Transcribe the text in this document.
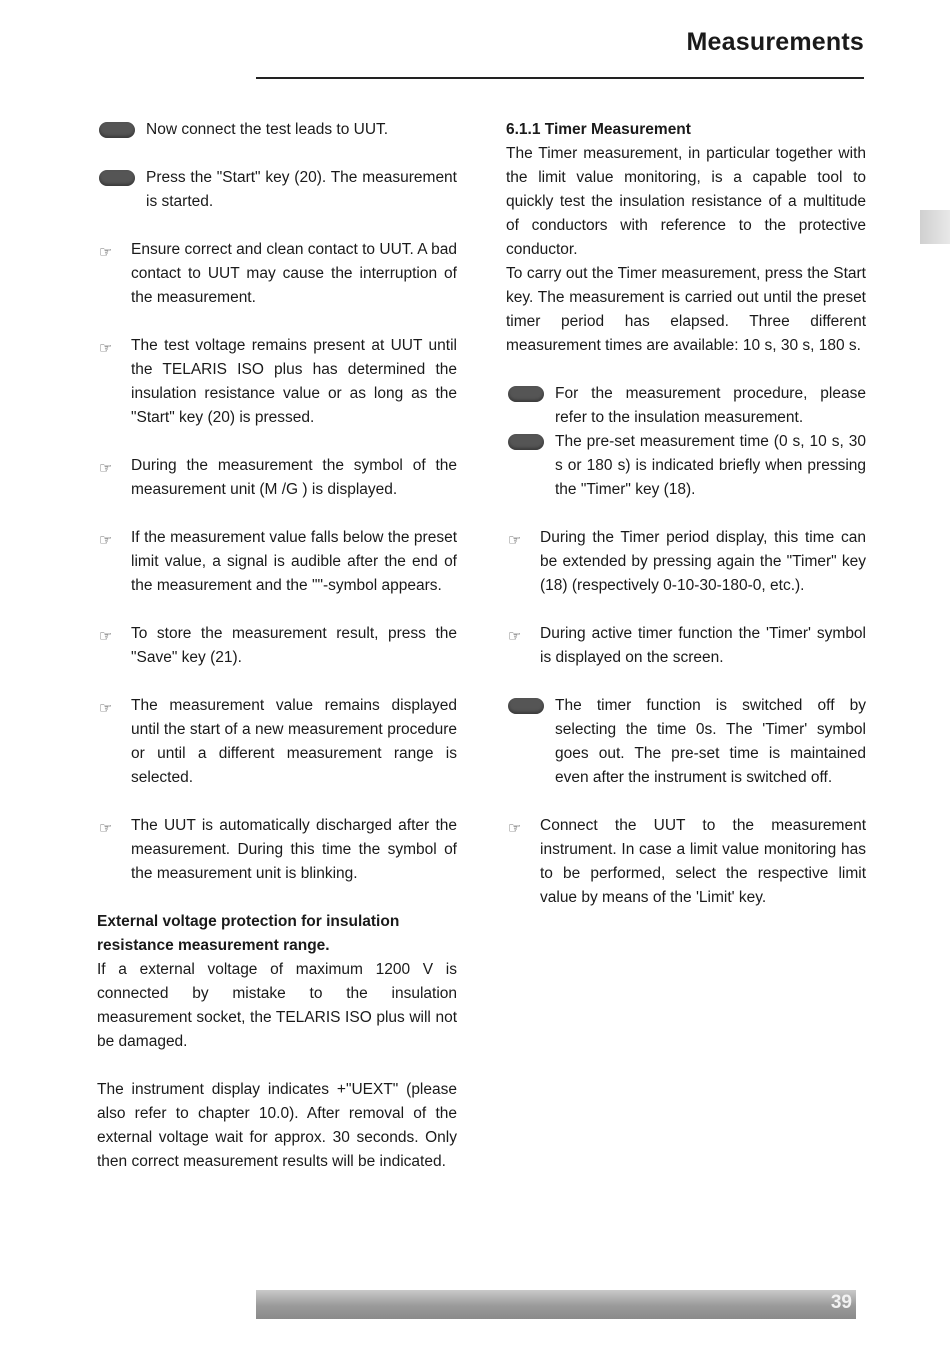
Measurements
Now connect the test leads to UUT.
Press the "Start" key (20). The measurement is started.
☞ Ensure correct and clean contact to UUT. A bad contact to UUT may cause the interruption of the measurement.
☞ The test voltage remains present at UUT until the TELARIS ISO plus has determined the insulation resistance value or as long as the "Start" key (20) is pressed.
☞ During the measurement the symbol of the measurement unit (M /G ) is displayed.
☞ If the measurement value falls below the preset limit value, a signal is audible after the end of the measurement and the ""-symbol appears.
☞ To store the measurement result, press the "Save" key (21).
☞ The measurement value remains displayed until the start of a new measurement procedure or until a different measurement range is selected.
☞ The UUT is automatically discharged after the measurement. During this time the symbol of the measurement unit is blinking.
External voltage protection for insulation resistance measurement range.

If a external voltage of maximum 1200 V is connected by mistake to the insulation measurement socket, the TELARIS ISO plus will not be damaged.

The instrument display indicates +"UEXT" (please also refer to chapter 10.0). After removal of the external voltage wait for approx. 30 seconds. Only then correct measurement results will be indicated.

6.1.1 Timer Measurement

The Timer measurement, in particular together with the limit value monitoring, is a capable tool to quickly test the insulation resistance of a multitude of conductors with reference to the protective conductor.

To carry out the Timer measurement, press the Start key. The measurement is carried out until the preset timer period has elapsed. Three different measurement times are available: 10 s, 30 s, 180 s.

For the measurement procedure, please refer to the insulation measurement.
The pre-set measurement time (0 s, 10 s, 30 s or 180 s) is indicated briefly when pressing the "Timer" key (18).
☞ During the Timer period display, this time can be extended by pressing again the "Timer" key (18) (respectively 0-10-30-180-0, etc.).
☞ During active timer function the 'Timer' symbol is displayed on the screen.
The timer function is switched off by selecting the time 0s. The 'Timer' symbol goes out. The pre-set time is maintained even after the instrument is switched off.
☞ Connect the UUT to the measurement instrument. In case a limit value monitoring has to be performed, select the respective limit value by means of the 'Limit' key.
39
